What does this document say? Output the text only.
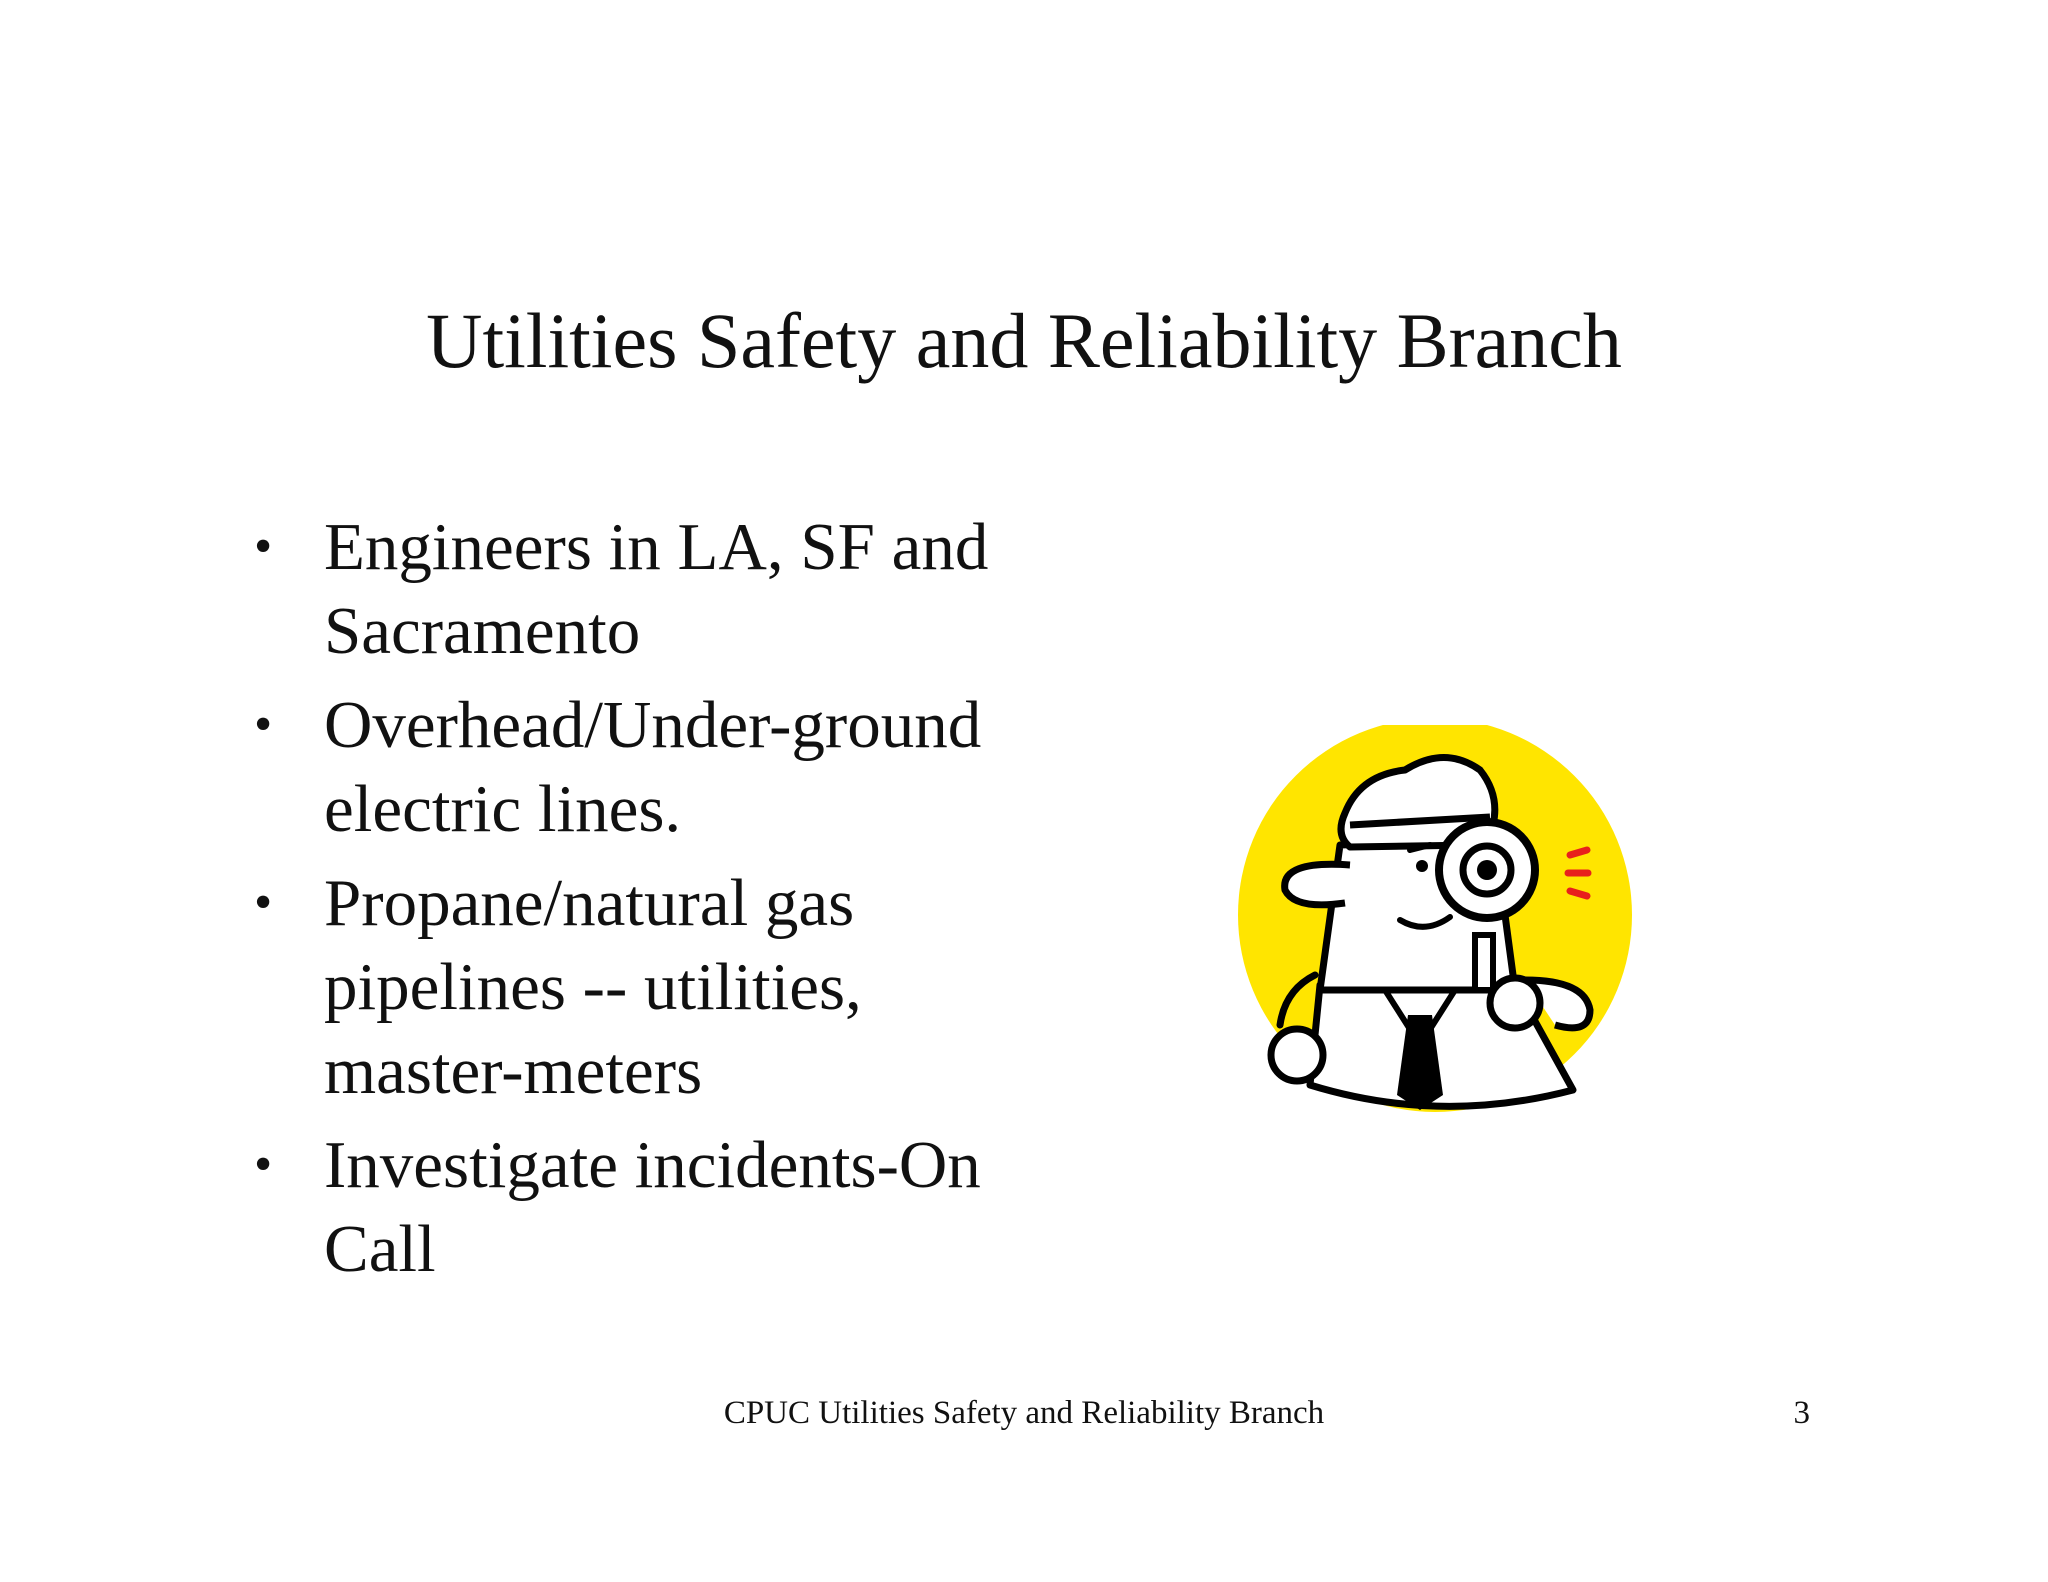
Utilities Safety and Reliability Branch
• Engineers in LA, SF and
Sacramento
• Overhead/Under-ground
electric lines.
• Propane/natural gas
pipelines -- utilities,
master-meters
• Investigate incidents-On
Call
CPUC Utilities Safety and Reliability Branch	3
